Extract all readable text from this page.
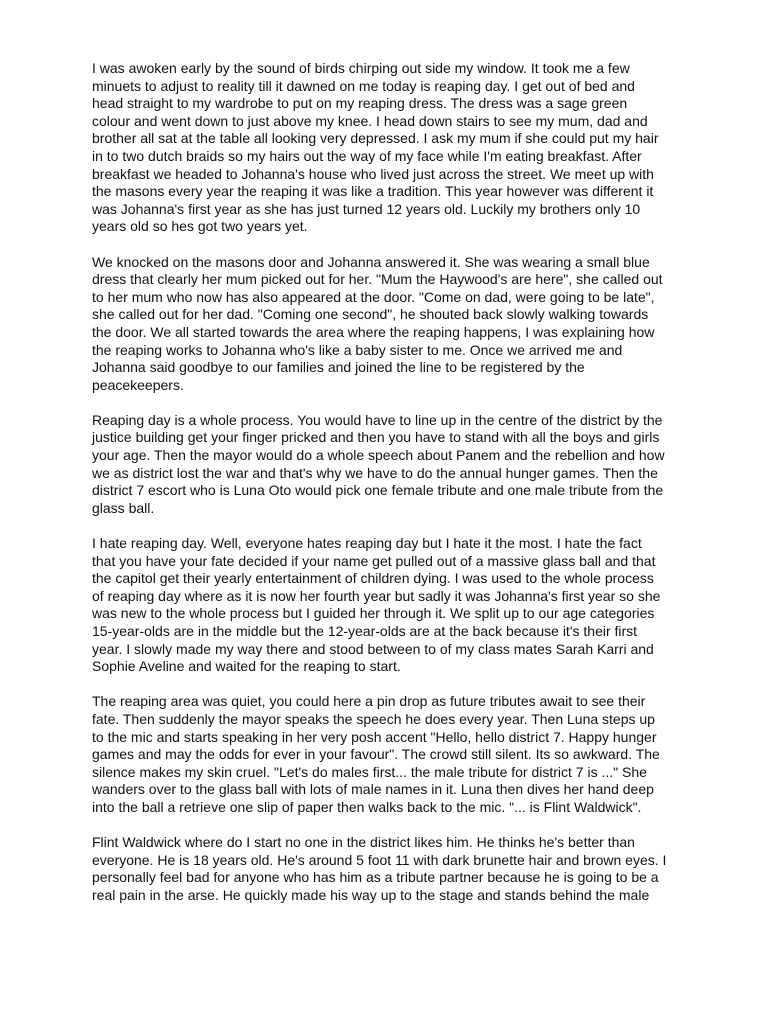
I was awoken early by the sound of birds chirping out side my window. It took me a few
minuets to adjust to reality till it dawned on me today is reaping day. I get out of bed and
head straight to my wardrobe to put on my reaping dress. The dress was a sage green
colour and went down to just above my knee. I head down stairs to see my mum, dad and
brother all sat at the table all looking very depressed. I ask my mum if she could put my hair
in to two dutch braids so my hairs out the way of my face while I'm eating breakfast. After
breakfast we headed to Johanna's house who lived just across the street. We meet up with
the masons every year the reaping it was like a tradition. This year however was different it
was Johanna's first year as she has just turned 12 years old. Luckily my brothers only 10
years old so hes got two years yet.

We knocked on the masons door and Johanna answered it. She was wearing a small blue
dress that clearly her mum picked out for her. "Mum the Haywood's are here", she called out
to her mum who now has also appeared at the door. "Come on dad, were going to be late",
she called out for her dad. "Coming one second", he shouted back slowly walking towards
the door. We all started towards the area where the reaping happens, I was explaining how
the reaping works to Johanna who's like a baby sister to me. Once we arrived me and
Johanna said goodbye to our families and joined the line to be registered by the
peacekeepers.

Reaping day is a whole process. You would have to line up in the centre of the district by the
justice building get your finger pricked and then you have to stand with all the boys and girls
your age. Then the mayor would do a whole speech about Panem and the rebellion and how
we as district lost the war and that's why we have to do the annual hunger games. Then the
district 7 escort who is Luna Oto would pick one female tribute and one male tribute from the
glass ball.

I hate reaping day. Well, everyone hates reaping day but I hate it the most. I hate the fact
that you have your fate decided if your name get pulled out of a massive glass ball and that
the capitol get their yearly entertainment of children dying. I was used to the whole process
of reaping day where as it is now her fourth year but sadly it was Johanna's first year so she
was new to the whole process but I guided her through it. We split up to our age categories
15-year-olds are in the middle but the 12-year-olds are at the back because it's their first
year. I slowly made my way there and stood between to of my class mates Sarah Karri and
Sophie Aveline and waited for the reaping to start.

The reaping area was quiet, you could here a pin drop as future tributes await to see their
fate. Then suddenly the mayor speaks the speech he does every year. Then Luna steps up
to the mic and starts speaking in her very posh accent "Hello, hello district 7. Happy hunger
games and may the odds for ever in your favour". The crowd still silent. Its so awkward. The
silence makes my skin cruel. "Let's do males first... the male tribute for district 7 is ..." She
wanders over to the glass ball with lots of male names in it. Luna then dives her hand deep
into the ball a retrieve one slip of paper then walks back to the mic. "... is Flint Waldwick".

Flint Waldwick where do I start no one in the district likes him. He thinks he's better than
everyone. He is 18 years old. He's around 5 foot 11 with dark brunette hair and brown eyes. I
personally feel bad for anyone who has him as a tribute partner because he is going to be a
real pain in the arse. He quickly made his way up to the stage and stands behind the male
